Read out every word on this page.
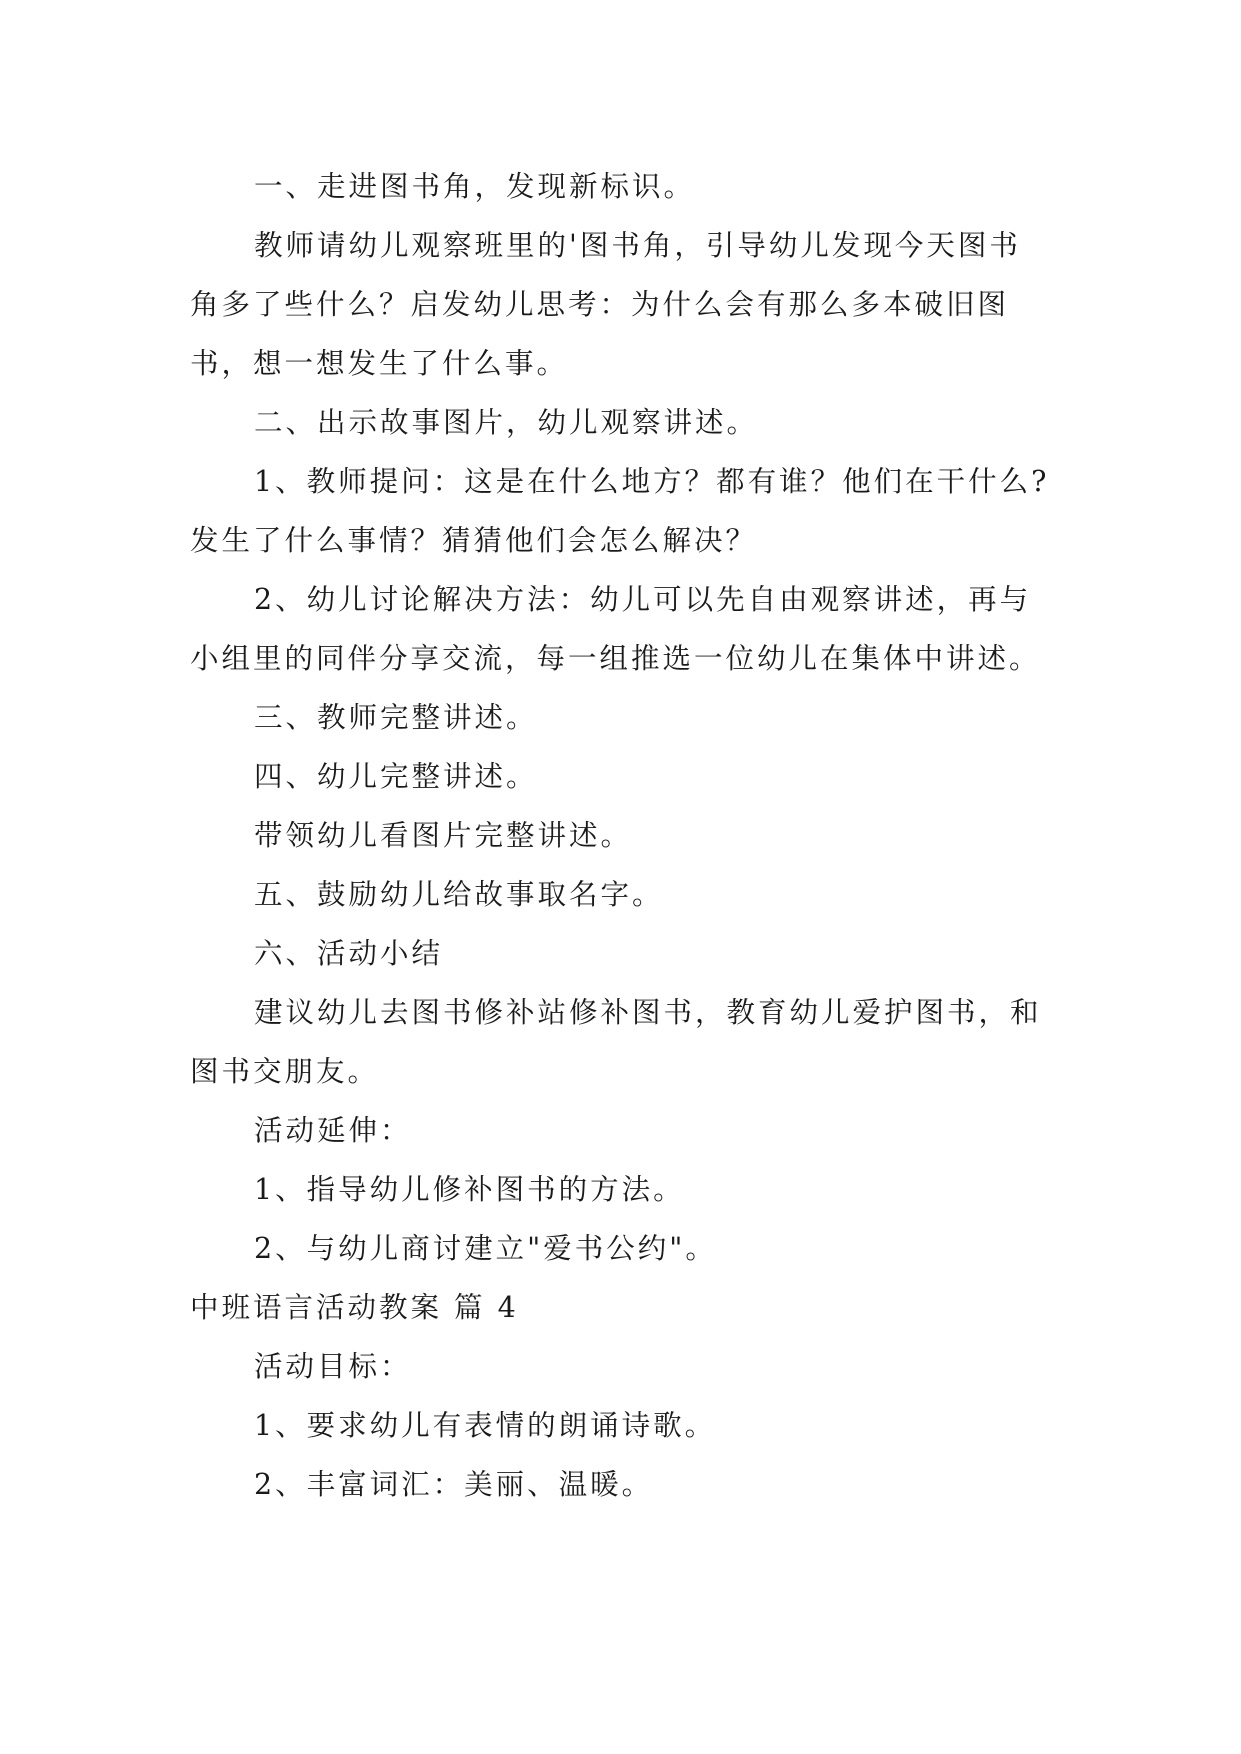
一、走进图书角，发现新标识。

教师请幼儿观察班里的'图书角，引导幼儿发现今天图书角多了些什么？启发幼儿思考：为什么会有那么多本破旧图书，想一想发生了什么事。

二、出示故事图片，幼儿观察讲述。

1、教师提问：这是在什么地方？都有谁？他们在干什么?发生了什么事情？猜猜他们会怎么解决？

2、幼儿讨论解决方法：幼儿可以先自由观察讲述，再与小组里的同伴分享交流，每一组推选一位幼儿在集体中讲述。

三、教师完整讲述。

四、幼儿完整讲述。

带领幼儿看图片完整讲述。

五、鼓励幼儿给故事取名字。

六、活动小结

建议幼儿去图书修补站修补图书，教育幼儿爱护图书，和图书交朋友。

活动延伸：

1、指导幼儿修补图书的方法。

2、与幼儿商讨建立"爱书公约"。

中班语言活动教案 篇 4

活动目标：

1、要求幼儿有表情的朗诵诗歌。

2、丰富词汇：美丽、温暖。
